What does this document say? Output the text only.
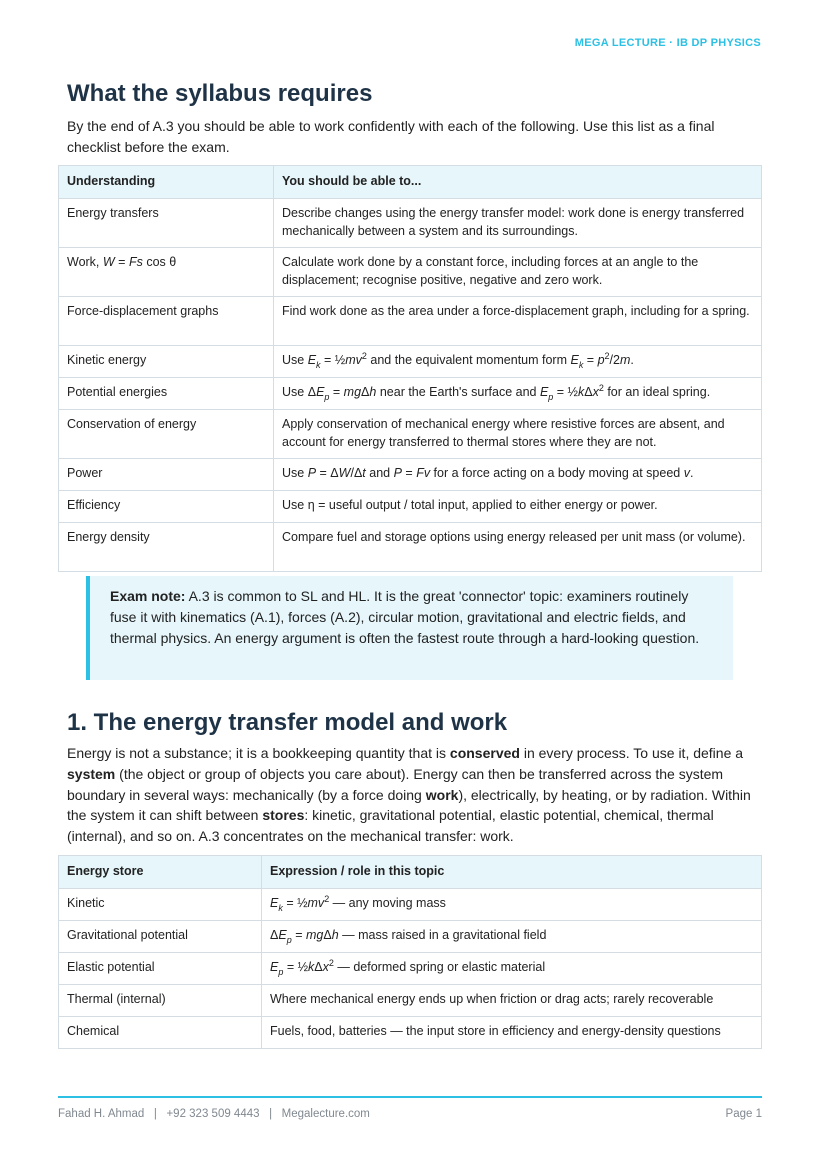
MEGA LECTURE · IB DP PHYSICS
What the syllabus requires

By the end of A.3 you should be able to work confidently with each of the following. Use this list as a final checklist before the exam.

Understanding	You should be able to...
Energy transfers	Describe changes using the energy transfer model: work done is energy transferred mechanically between a system and its surroundings.
Work, W = Fs cos θ	Calculate work done by a constant force, including forces at an angle to the displacement; recognise positive, negative and zero work.
Force-displacement graphs	Find work done as the area under a force-displacement graph, including for a spring.
Kinetic energy	Use $E_k$ = $\frac{1}{2}mv^2$ and the equivalent momentum form $E_k = p^2/2m$.
Potential energies	Use $\Delta E_p = mg\Delta h$ near the Earth's surface and $E_p$ = ½kΔx$^2$ for an ideal spring.
Conservation of energy	Apply conservation of mechanical energy where resistive forces are absent, and account for energy transferred to thermal stores where they are not.
Power	Use P = ΔW/Δt and P = Fv for a force acting on a body moving at speed v.
Efficiency	Use η = useful output / total input, applied to either energy or power.
Energy density	Compare fuel and storage options using energy released per unit mass (or volume).
Exam note: A.3 is common to SL and HL. It is the great 'connector' topic: examiners routinely fuse it with kinematics (A.1), forces (A.2), circular motion, gravitational and electric fields, and thermal physics. An energy argument is often the fastest route through a hard-looking question.
1. The energy transfer model and work

Energy is not a substance; it is a bookkeeping quantity that is conserved in every process. To use it, define a system (the object or group of objects you care about). Energy can then be transferred across the system boundary in several ways: mechanically (by a force doing work), electrically, by heating, or by radiation. Within the system it can shift between stores: kinetic, gravitational potential, elastic potential, chemical, thermal (internal), and so on. A.3 concentrates on the mechanical transfer: work.

Energy store	Expression / role in this topic
Kinetic	$E_k$ = $\frac{1}{2}mv^2$ — any moving mass
Gravitational potential	$\Delta E_p = mg\Delta h$ — mass raised in a gravitational field
Elastic potential	$E_p$ = ½kΔx$^2$ — deformed spring or elastic material
Thermal (internal)	Where mechanical energy ends up when friction or drag acts; rarely recoverable
Chemical	Fuels, food, batteries — the input store in efficiency and energy-density questions
Fahad H. Ahmad   |   +92 323 509 4443   |   Megalecture.com	Page 1
